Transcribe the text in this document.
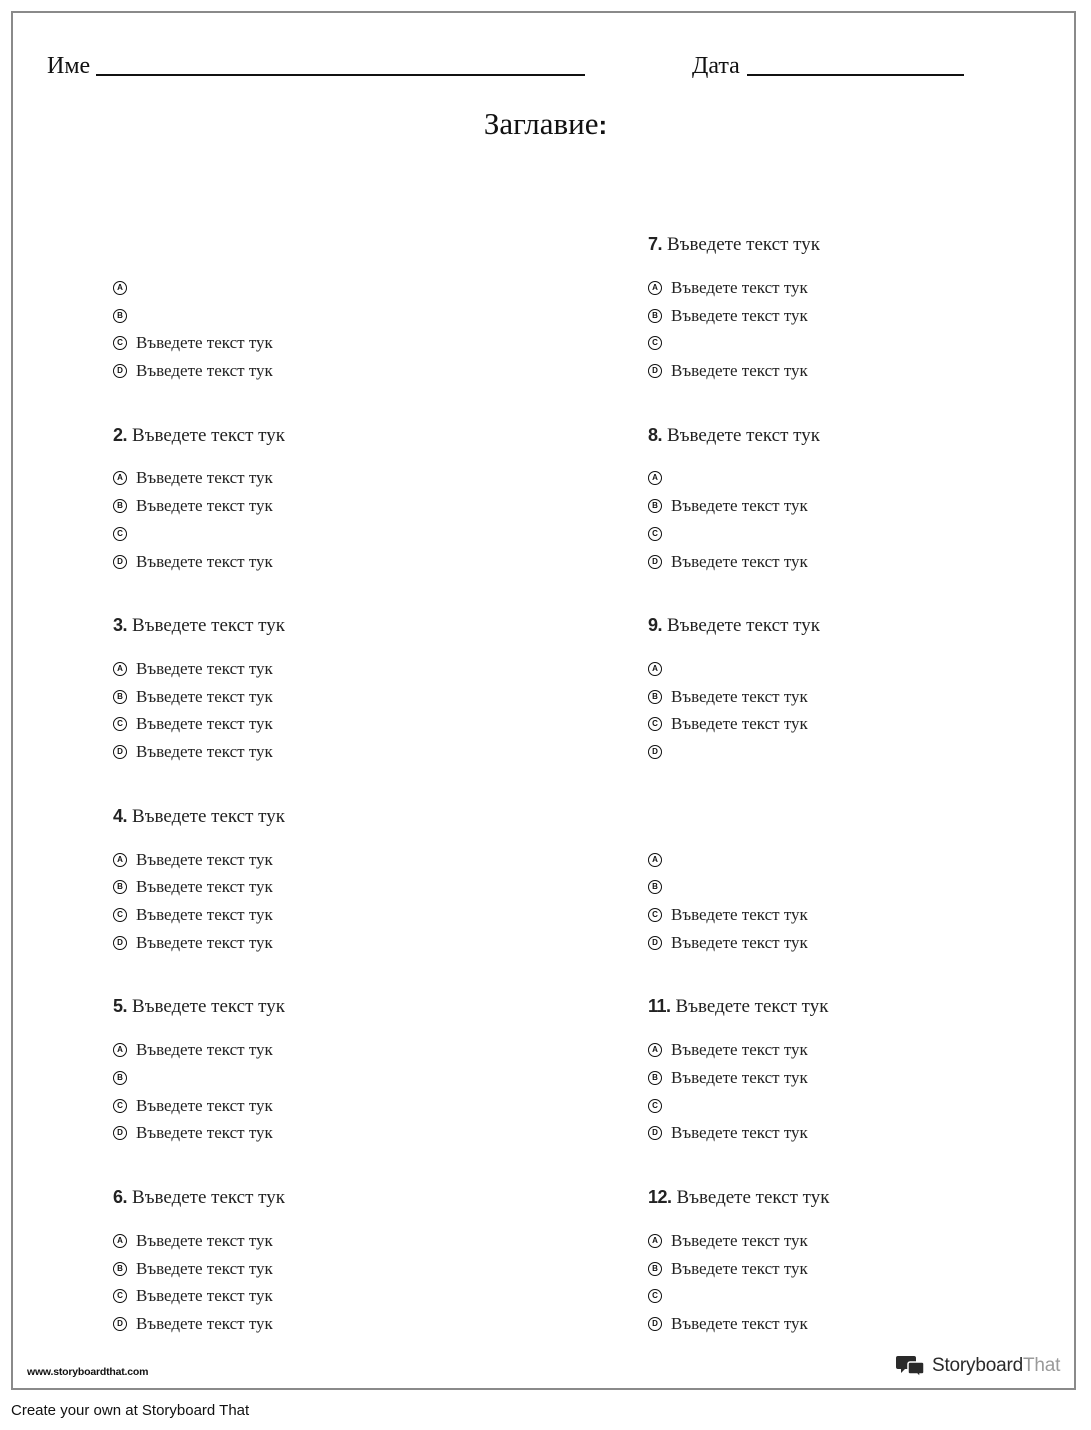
Име	Дата
Заглавие:
A
B
C Въведете текст тук
D Въведете текст тук
2. Въведете текст тук
A Въведете текст тук
B Въведете текст тук
C
D Въведете текст тук
3. Въведете текст тук
A Въведете текст тук
B Въведете текст тук
C Въведете текст тук
D Въведете текст тук
4. Въведете текст тук
A Въведете текст тук
B Въведете текст тук
C Въведете текст тук
D Въведете текст тук
5. Въведете текст тук
A Въведете текст тук
B
C Въведете текст тук
D Въведете текст тук
6. Въведете текст тук
A Въведете текст тук
B Въведете текст тук
C Въведете текст тук
D Въведете текст тук
7. Въведете текст тук
A Въведете текст тук
B Въведете текст тук
C
D Въведете текст тук
8. Въведете текст тук
A
B Въведете текст тук
C
D Въведете текст тук
9. Въведете текст тук
A
B Въведете текст тук
C Въведете текст тук
D
A
B
C Въведете текст тук
D Въведете текст тук
11. Въведете текст тук
A Въведете текст тук
B Въведете текст тук
C
D Въведете текст тук
12. Въведете текст тук
A Въведете текст тук
B Въведете текст тук
C
D Въведете текст тук
www.storyboardthat.com	StoryboardThat
Create your own at Storyboard That
